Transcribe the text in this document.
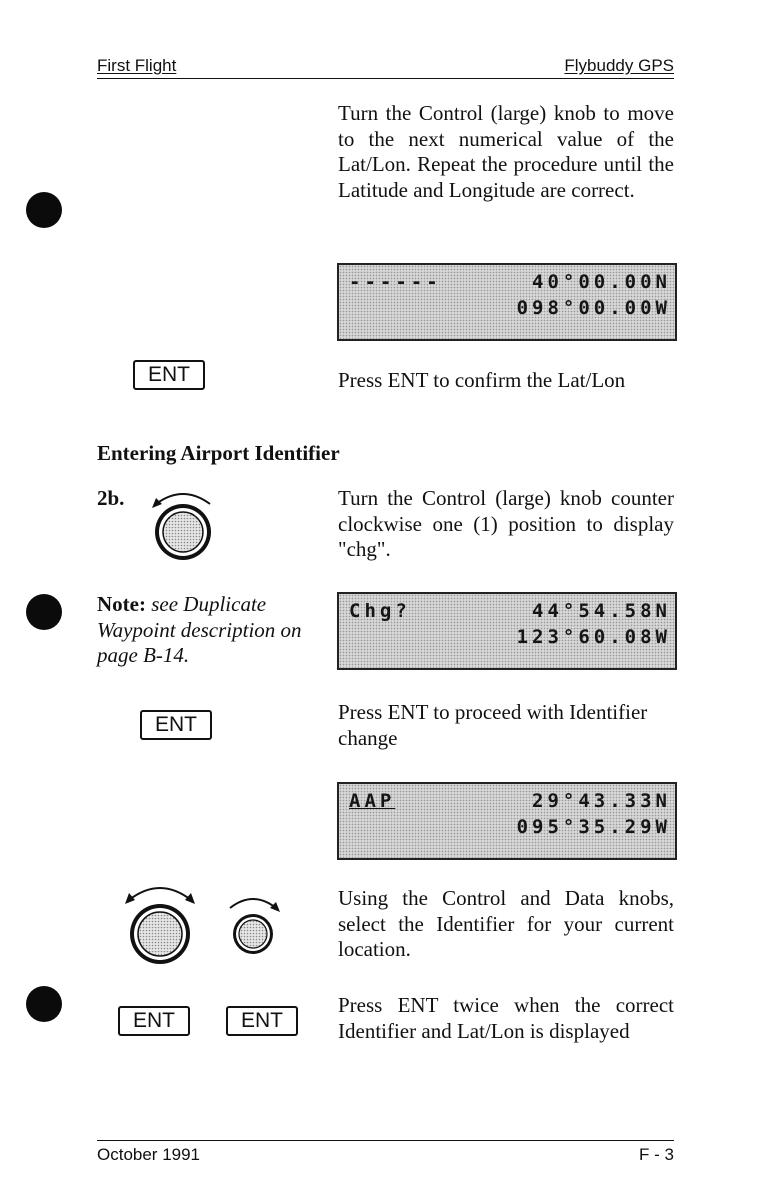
First Flight	Flybuddy GPS
Turn the Control (large) knob to move to the next numerical value of the Lat/Lon. Repeat the procedure until the Latitude and Longitude are correct.
------	40°00.00N
098°00.00W
ENT	Press ENT to confirm the Lat/Lon
Entering Airport Identifier
2b.	Turn the Control (large) knob counter clockwise one (1) position to display "chg".
Note: see Duplicate Waypoint description on page B-14.
Chg?	44°54.58N
123°60.08W
ENT
Press ENT to proceed with Identifier change
AAP	29°43.33N
095°35.29W
Using the Control and Data knobs, select the Identifier for your current location.
ENT	ENT
Press ENT twice when the correct Identifier and Lat/Lon is displayed
October 1991	F - 3
